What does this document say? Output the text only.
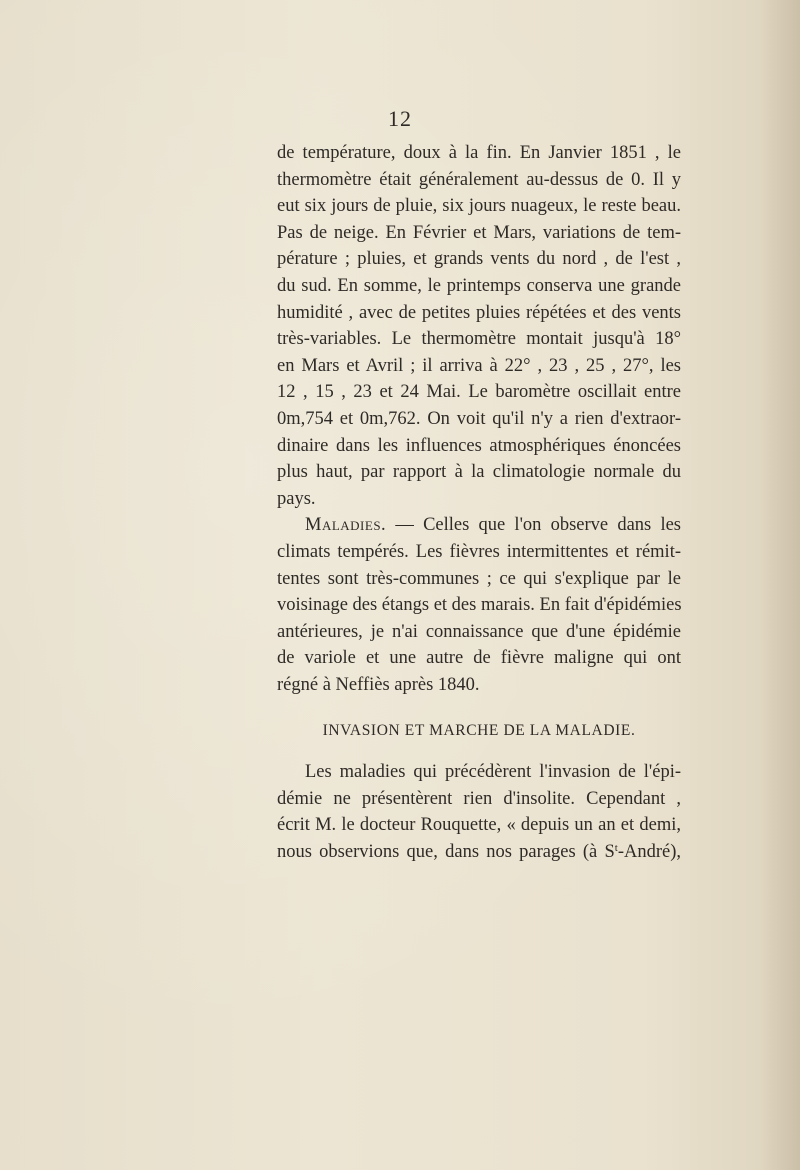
12
de température, doux à la fin. En Janvier 1851 , le
thermomètre était généralement au-dessus de 0. Il y
eut six jours de pluie, six jours nuageux, le reste beau.
Pas de neige. En Février et Mars, variations de tem-
pérature ; pluies, et grands vents du nord , de l'est ,
du sud. En somme, le printemps conserva une grande
humidité , avec de petites pluies répétées et des vents
très-variables. Le thermomètre montait jusqu'à 18°
en Mars et Avril ; il arriva à 22° , 23 , 25 , 27°, les
12 , 15 , 23 et 24 Mai. Le baromètre oscillait entre
0m,754 et 0m,762. On voit qu'il n'y a rien d'extraor-
dinaire dans les influences atmosphériques énoncées
plus haut, par rapport à la climatologie normale du
pays.
Maladies. — Celles que l'on observe dans les
climats tempérés. Les fièvres intermittentes et rémit-
tentes sont très-communes ; ce qui s'explique par le
voisinage des étangs et des marais. En fait d'épidémies
antérieures, je n'ai connaissance que d'une épidémie
de variole et une autre de fièvre maligne qui ont
régné à Neffiès après 1840.
INVASION ET MARCHE DE LA MALADIE.
Les maladies qui précédèrent l'invasion de l'épi-
démie ne présentèrent rien d'insolite. Cependant ,
écrit M. le docteur Rouquette, « depuis un an et demi,
nous observions que, dans nos parages (à $S^t-André$),
